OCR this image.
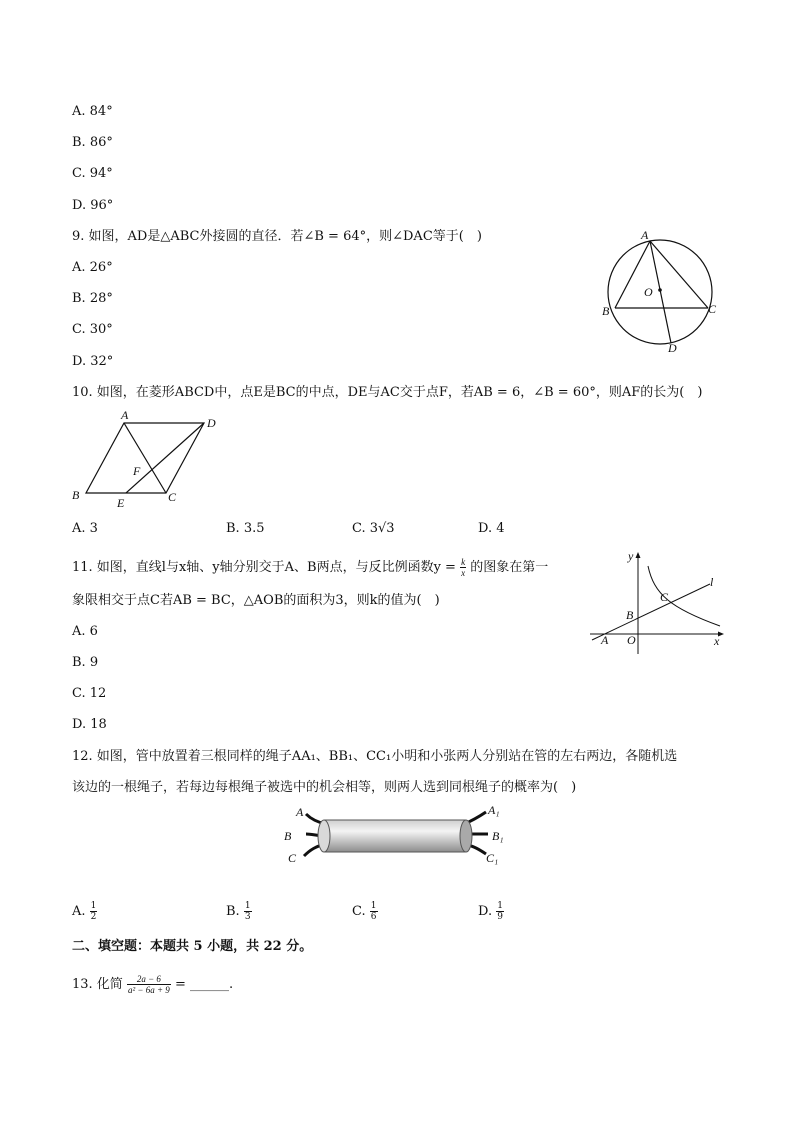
A. 84°
B. 86°
C. 94°
D. 96°
9. 如图，AD是△ABC外接圆的直径．若∠B = 64°，则∠DAC等于(　)
A. 26°
B. 28°
C. 30°
D. 32°
A
O
B	C
D
10. 如图，在菱形ABCD中，点E是BC的中点，DE与AC交于点F，若AB = 6，∠B = 60°，则AF的长为(　)
A
D
F
B
E	C
A. 3	B. 3.5	C. 3√3	D. 4
11. 如图，直线l与x轴、y轴分别交于A、B两点，与反比例函数$y = \frac{k}{x}$ 的图象在第一
象限相交于点C若AB = BC，△AOB的面积为3，则k的值为(　)
A. 6
B. 9
C. 12
D. 18
y
l
C
B
A O	x
12. 如图，管中放置着三根同样的绳子AA₁、BB₁、CC₁小明和小张两人分别站在管的左右两边，各随机选
该边的一根绳子，若每边每根绳子被选中的机会相等，则两人选到同根绳子的概率为(　)
A
B
C
A₁
B₁
C₁
A. $\frac{1}{2}$	B. $\frac{1}{3}$	C. $\frac{1}{6}$	D. $\frac{1}{9}$
二、填空题：本题共 5 小题，共 22 分。
13. 化简 $\frac{2a - 6}{\text{a² − 6a + 9}}$ = ______.
